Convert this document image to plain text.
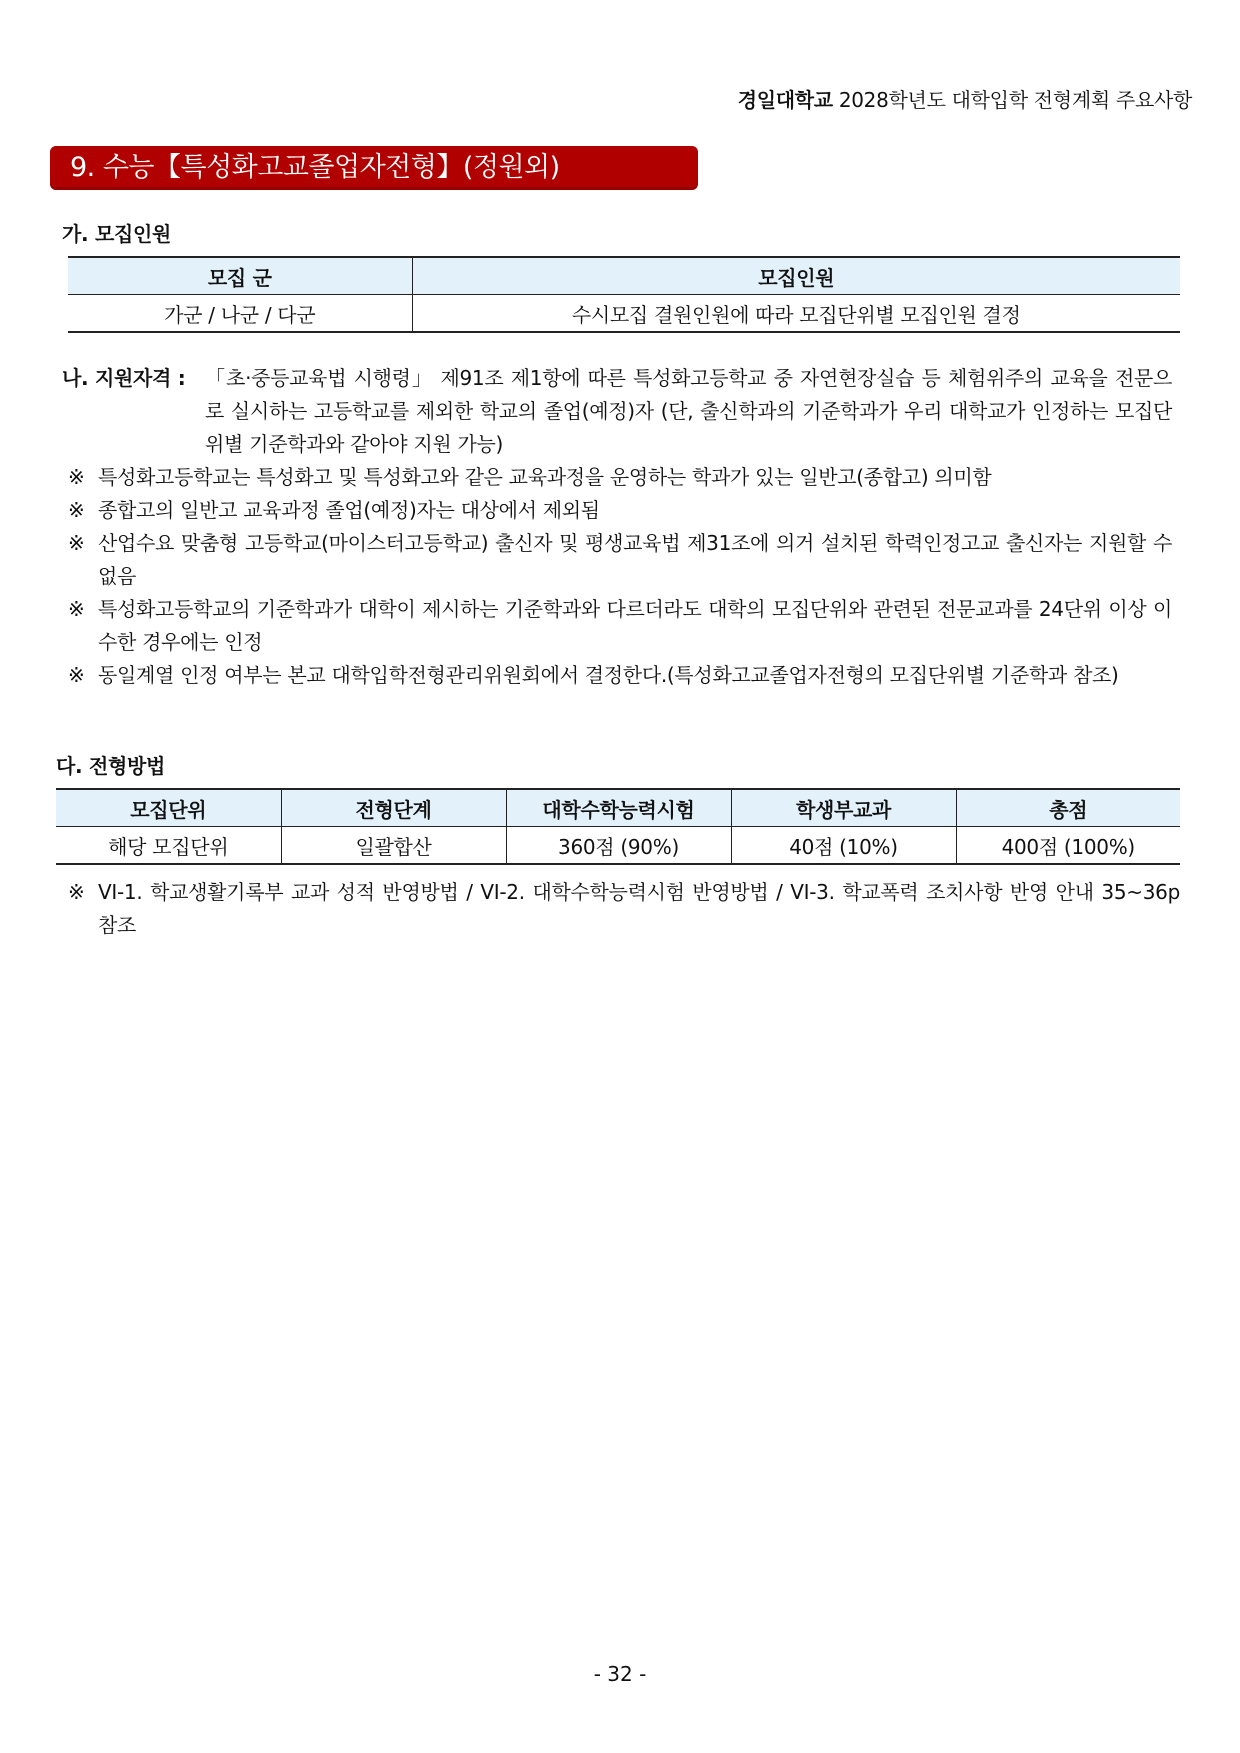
경일대학교 2028학년도 대학입학 전형계획 주요사항
9. 수능【특성화고교졸업자전형】(정원외)
가. 모집인원
모집 군	모집인원
가군 / 나군 / 다군	수시모집 결원인원에 따라 모집단위별 모집인원 결정
나. 지원자격 : 「초·중등교육법 시행령」 제91조 제1항에 따른 특성화고등학교 중 자연현장실습 등 체험위주의 교육을 전문으로 실시하는 고등학교를 제외한 학교의 졸업(예정)자 (단, 출신학과의 기준학과가 우리 대학교가 인정하는 모집단위별 기준학과와 같아야 지원 가능)
※ 특성화고등학교는 특성화고 및 특성화고와 같은 교육과정을 운영하는 학과가 있는 일반고(종합고) 의미함
※ 종합고의 일반고 교육과정 졸업(예정)자는 대상에서 제외됨
※ 산업수요 맞춤형 고등학교(마이스터고등학교) 출신자 및 평생교육법 제31조에 의거 설치된 학력인정고교 출신자는 지원할 수 없음
※ 특성화고등학교의 기준학과가 대학이 제시하는 기준학과와 다르더라도 대학의 모집단위와 관련된 전문교과를 24단위 이상 이수한 경우에는 인정
※ 동일계열 인정 여부는 본교 대학입학전형관리위원회에서 결정한다.(특성화고교졸업자전형의 모집단위별 기준학과 참조)
다. 전형방법
모집단위	전형단계	대학수학능력시험	학생부교과	총점
해당 모집단위	일괄합산	360점 (90%)	40점 (10%)	400점 (100%)
※ VI-1. 학교생활기록부 교과 성적 반영방법 / VI-2. 대학수학능력시험 반영방법 / VI-3. 학교폭력 조치사항 반영 안내 35~36p 참조
- 32 -
